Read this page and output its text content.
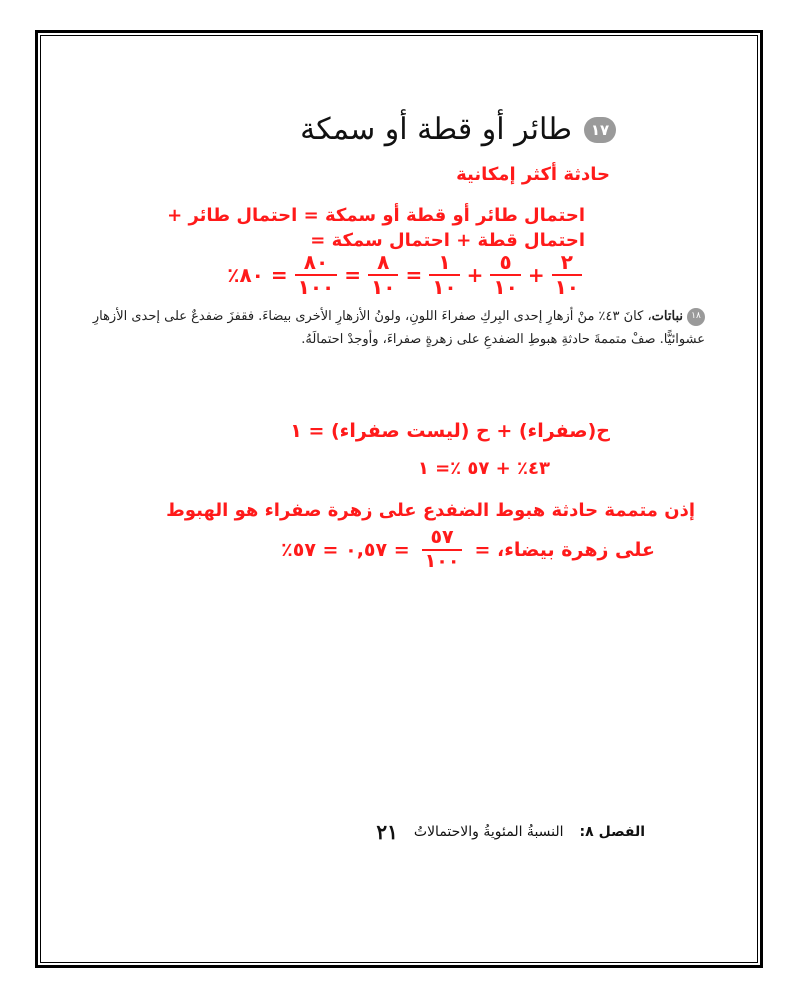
١٧
طائر أو قطة أو سمكة
حادثة أكثر إمكانية
احتمال طائر أو قطة أو سمكة = احتمال طائر +
احتمال قطة + احتمال سمكة =
$\frac{٢}{١٠}$
+
$\frac{٥}{١٠}$
+
$\frac{١}{١٠}$
=
$\frac{٨}{١٠}$
=
$\frac{٨٠}{١٠٠}$
=
٨٠٪
١٨نباتات، كانَ ٤٣٪ منْ أزهارِ إحدى البِركِ صفراءَ اللونِ، ولونُ الأزهارِ الأخرى بيضاءَ. فقفزَ ضفدعٌ على إحدى الأزهارِ عشوائيًّا. صفْ متممةَ حادثةِ هبوطِ الضفدعِ على زهرةٍ صفراءَ، وأوجدْ احتمالَهُ.
ح(صفراء) + ح (ليست صفراء) = ١
٤٣٪ + ٥٧ ٪= ١
إذن متممة حادثة هبوط الضفدع على زهرة صفراء هو الهبوط
على زهرة بيضاء، =
$\frac{٥٧}{١٠٠}$
= ٠,٥٧ = ٥٧٪
الفصل ٨:
النسبةُ المئويةُ والاحتمالاتُ
٢١
